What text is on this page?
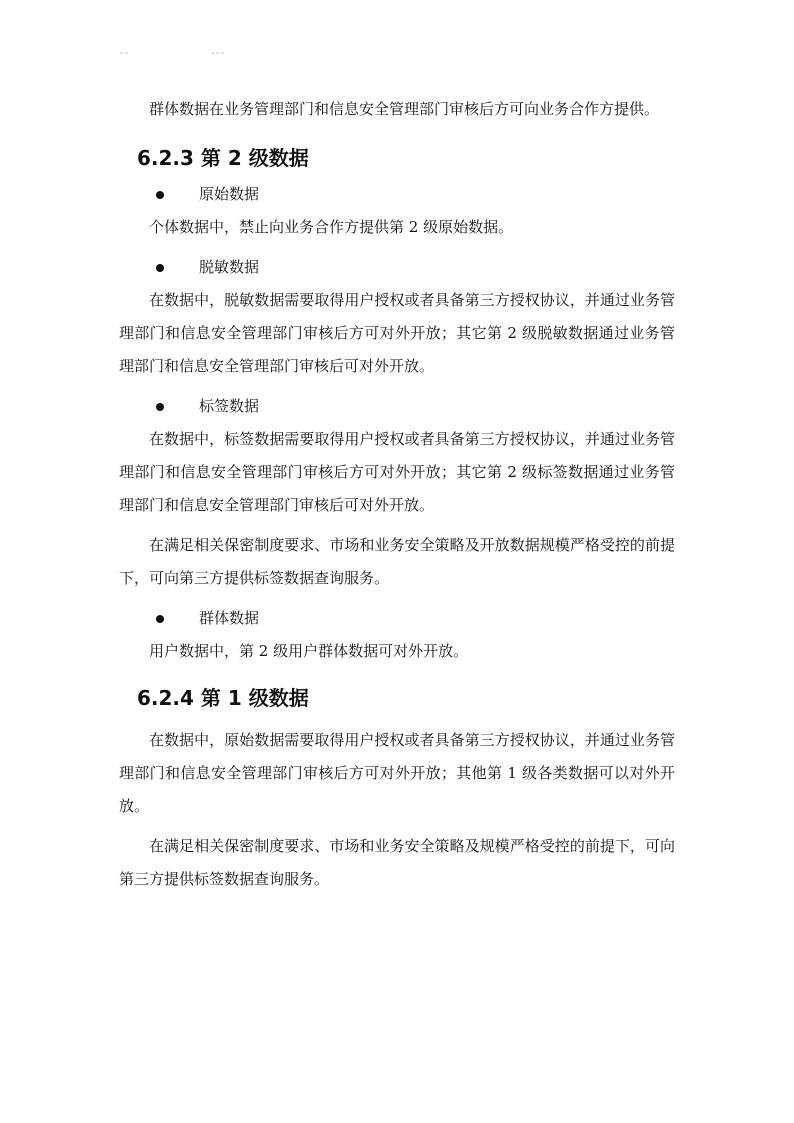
--	---

群体数据在业务管理部门和信息安全管理部门审核后方可向业务合作方提供。

6.2.3 第 2 级数据
原始数据

个体数据中，禁止向业务合作方提供第 2 级原始数据。

脱敏数据

在数据中，脱敏数据需要取得用户授权或者具备第三方授权协议，并通过业务管理部门和信息安全管理部门审核后方可对外开放；其它第 2 级脱敏数据通过业务管理部门和信息安全管理部门审核后可对外开放。

标签数据

在数据中，标签数据需要取得用户授权或者具备第三方授权协议，并通过业务管理部门和信息安全管理部门审核后方可对外开放；其它第 2 级标签数据通过业务管理部门和信息安全管理部门审核后可对外开放。

在满足相关保密制度要求、市场和业务安全策略及开放数据规模严格受控的前提下，可向第三方提供标签数据查询服务。

群体数据

用户数据中，第 2 级用户群体数据可对外开放。

6.2.4 第 1 级数据

在数据中，原始数据需要取得用户授权或者具备第三方授权协议，并通过业务管理部门和信息安全管理部门审核后方可对外开放；其他第 1 级各类数据可以对外开放。

在满足相关保密制度要求、市场和业务安全策略及规模严格受控的前提下，可向第三方提供标签数据查询服务。
